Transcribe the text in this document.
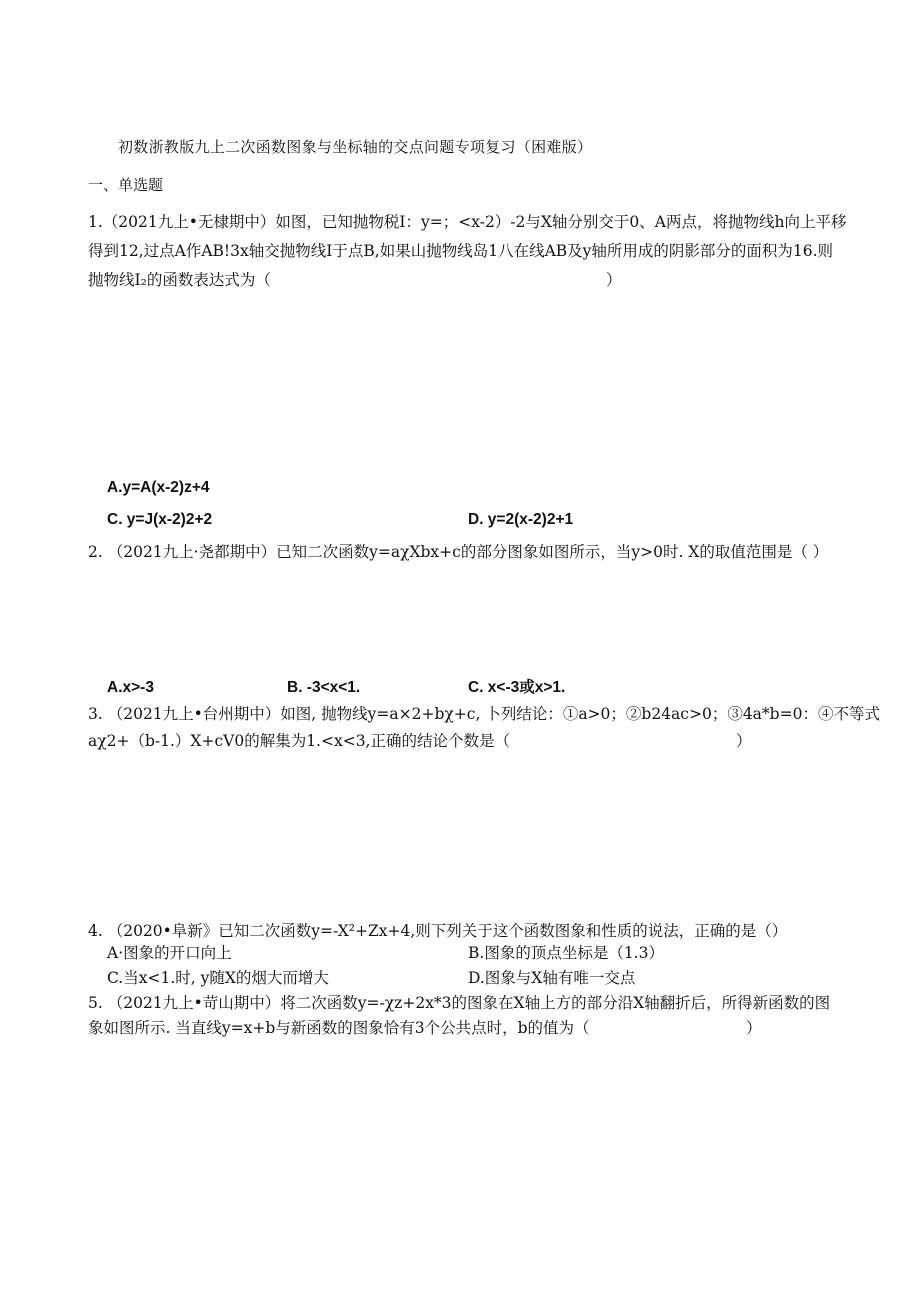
初数浙教版九上二次函数图象与坐标轴的交点问题专项复习（困难版）
一、单选题
1.（2021九上•无棣期中）如图，已知抛物税I：y=；<x-2）-2与X轴分别交于0、A两点，将抛物线h向上平移
得到12,过点A作AB!3x轴交抛物线I于点B,如果山抛物线岛1八在线AB及y轴所用成的阴影部分的面积为16.则
抛物线I₂的函数表达式为（	）
A.y=A(x-2)z+4
C. y=J(x-2)2+2	D. y=2(x-2)2+1
2. （2021九上·尧都期中）已知二次函数y=aχXbx+c的部分图象如图所示，当y>0时. X的取值范围是（ ）
A.x>-3	B. -3<x<1.	C. x<-3或x>1.
3. （2021九上•台州期中）如图, 抛物线y=a×2+bχ+c, 卜列结论：①a>0；②b24ac>0；③4a*b=0：④不等式
aχ2+（b-1.）X+cV0的解集为1.<x<3,正确的结论个数是（	）
4. （2020•阜新》已知二次函数y=-X²+Zx+4,则下列关于这个函数图象和性质的说法，正确的是（）
A·图象的开口向上	B.图象的顶点坐标是（1.3）
C.当x<1.时, y随X的烟大而增大	D.图象与X轴有唯一交点
5. （2021九上•苛山期中）将二次函数y=-χz+2x*3的图象在X轴上方的部分沿X轴翻折后，所得新函数的图
象如图所示. 当直线y=x+b与新函数的图象恰有3个公共点时，b的值为（	）
